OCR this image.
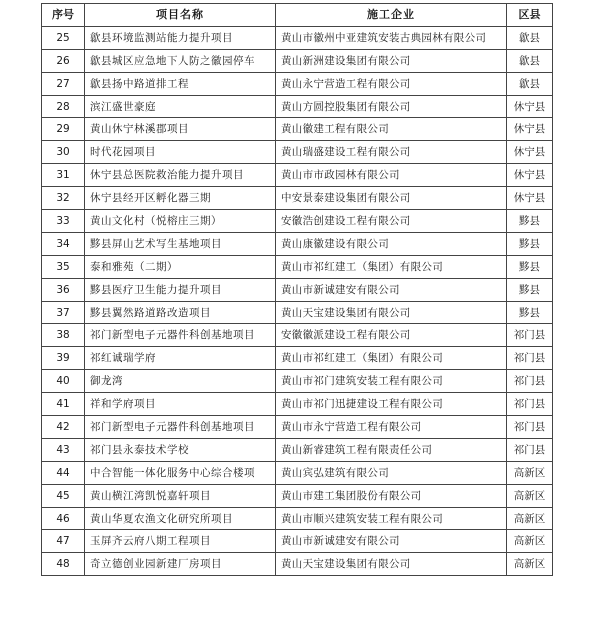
序号	项目名称	施工企业	区县
25	歙县环境监测站能力提升项目	黄山市徽州中亚建筑安装古典园林有限公司	歙县
26	歙县城区应急地下人防之徽园停车	黄山新洲建设集团有限公司	歙县
27	歙县扬中路道排工程	黄山永宁营造工程有限公司	歙县
28	滨江盛世豪庭	黄山方圆控股集团有限公司	休宁县
29	黄山休宁林溪郡项目	黄山徽建工程有限公司	休宁县
30	时代花园项目	黄山瑞盛建设工程有限公司	休宁县
31	休宁县总医院救治能力提升项目	黄山市市政园林有限公司	休宁县
32	休宁县经开区孵化器三期	中安景泰建设集团有限公司	休宁县
33	黄山文化村（悦榕庄三期）	安徽浩创建设工程有限公司	黟县
34	黟县屏山艺术写生基地项目	黄山康徽建设有限公司	黟县
35	泰和雅苑（二期）	黄山市祁红建工（集团）有限公司	黟县
36	黟县医疗卫生能力提升项目	黄山市新诚建安有限公司	黟县
37	黟县翼然路道路改造项目	黄山天宝建设集团有限公司	黟县
38	祁门新型电子元器件科创基地项目	安徽徽派建设工程有限公司	祁门县
39	祁红诚瑞学府	黄山市祁红建工（集团）有限公司	祁门县
40	御龙湾	黄山市祁门建筑安装工程有限公司	祁门县
41	祥和学府项目	黄山市祁门迅捷建设工程有限公司	祁门县
42	祁门新型电子元器件科创基地项目	黄山市永宁营造工程有限公司	祁门县
43	祁门县永泰技术学校	黄山新睿建筑工程有限责任公司	祁门县
44	中合智能一体化服务中心综合楼项	黄山宾弘建筑有限公司	高新区
45	黄山横江湾凯悦嘉轩项目	黄山市建工集团股份有限公司	高新区
46	黄山华夏农渔文化研究所项目	黄山市顺兴建筑安装工程有限公司	高新区
47	玉屏齐云府八期工程项目	黄山市新诚建安有限公司	高新区
48	奇立德创业园新建厂房项目	黄山天宝建设集团有限公司	高新区
